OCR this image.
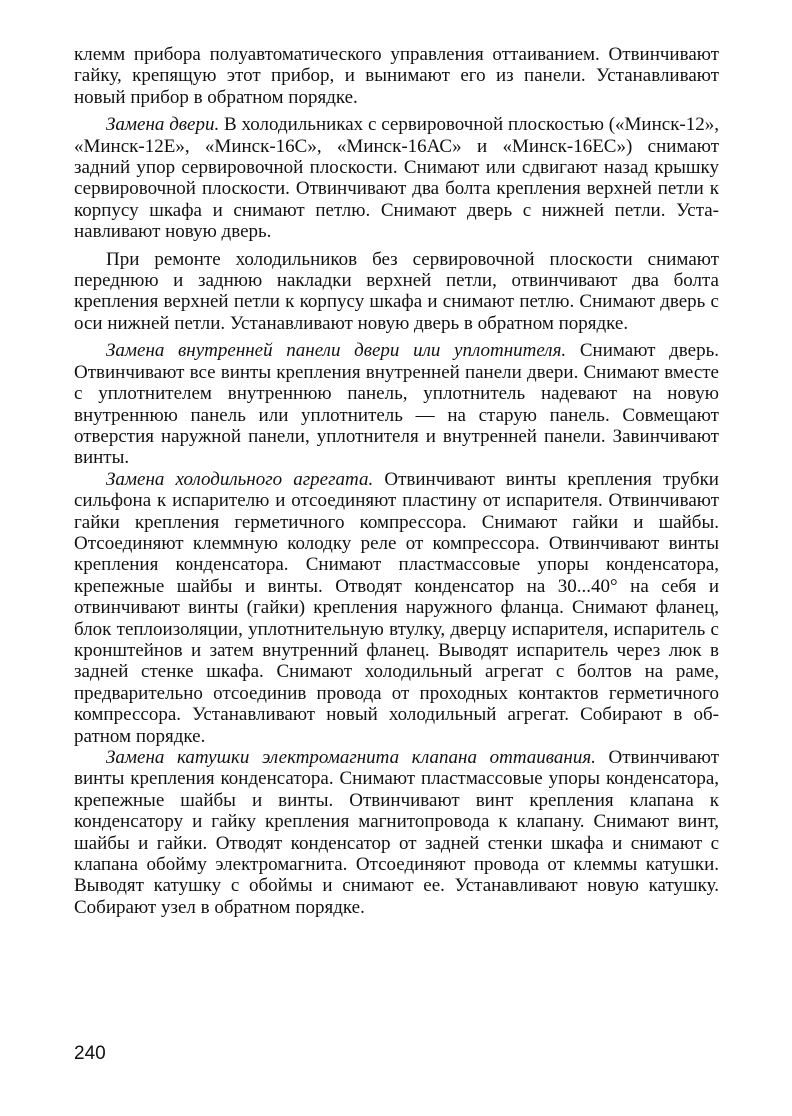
клемм прибора полуавтоматического управления оттаиванием. Отвинчивают гайку, крепящую этот прибор, и вынимают его из панели. Устанавливают новый прибор в обратном порядке.

Замена двери. В холодильниках с сервировочной плоскостью («Минск-12», «Минск-12Е», «Минск-16С», «Минск-16АС» и «Минск-16ЕС») снимают задний упор сервировочной плоскости. Снимают или сдвигают назад крышку сервировочной плоскости. Отвинчивают два болта крепления верхней петли к корпусу шкафа и снимают петлю. Снимают дверь с нижней петли. Устанавливают новую дверь.

При ремонте холодильников без сервировочной плоскости снимают переднюю и заднюю накладки верхней петли, отвинчивают два болта крепления верхней петли к корпусу шкафа и снимают петлю. Снимают дверь с оси нижней петли. Устанавливают новую дверь в обратном порядке.

Замена внутренней панели двери или уплотнителя. Снимают дверь. Отвинчивают все винты крепления внутренней панели двери. Снимают вместе с уплотнителем внутреннюю панель, уплотнитель надевают на новую внутреннюю панель или уплотнитель — на старую панель. Совмещают отверстия наружной панели, уплотнителя и внутренней панели. Завинчивают винты.

Замена холодильного агрегата. Отвинчивают винты крепления трубки сильфона к испарителю и отсоединяют пластину от испарителя. Отвинчивают гайки крепления герметичного компрессора. Снимают гайки и шайбы. Отсоединяют клеммную колодку реле от компрессора. Отвинчивают винты крепления конденсатора. Снимают пластмассовые упоры конденсатора, крепежные шайбы и винты. Отводят конденсатор на 30...40° на себя и отвинчивают винты (гайки) крепления наружного фланца. Снимают фланец, блок теплоизоляции, уплотнительную втулку, дверцу испарителя, испаритель с кронштейнов и затем внутренний фланец. Выводят испаритель через люк в задней стенке шкафа. Снимают холодильный агрегат с болтов на раме, предварительно отсоединив провода от проходных контактов герметичного компрессора. Устанавливают новый холодильный агрегат. Собирают в обратном порядке.

Замена катушки электромагнита клапана оттаивания. Отвинчивают винты крепления конденсатора. Снимают пластмассовые упоры конденсатора, крепежные шайбы и винты. Отвинчивают винт крепления клапана к конденсатору и гайку крепления магнитопровода к клапану. Снимают винт, шайбы и гайки. Отводят конденсатор от задней стенки шкафа и снимают с клапана обойму электромагнита. Отсоединяют провода от клеммы катушки. Выводят катушку с обоймы и снимают ее. Устанавливают новую катушку. Собирают узел в обратном порядке.

240
